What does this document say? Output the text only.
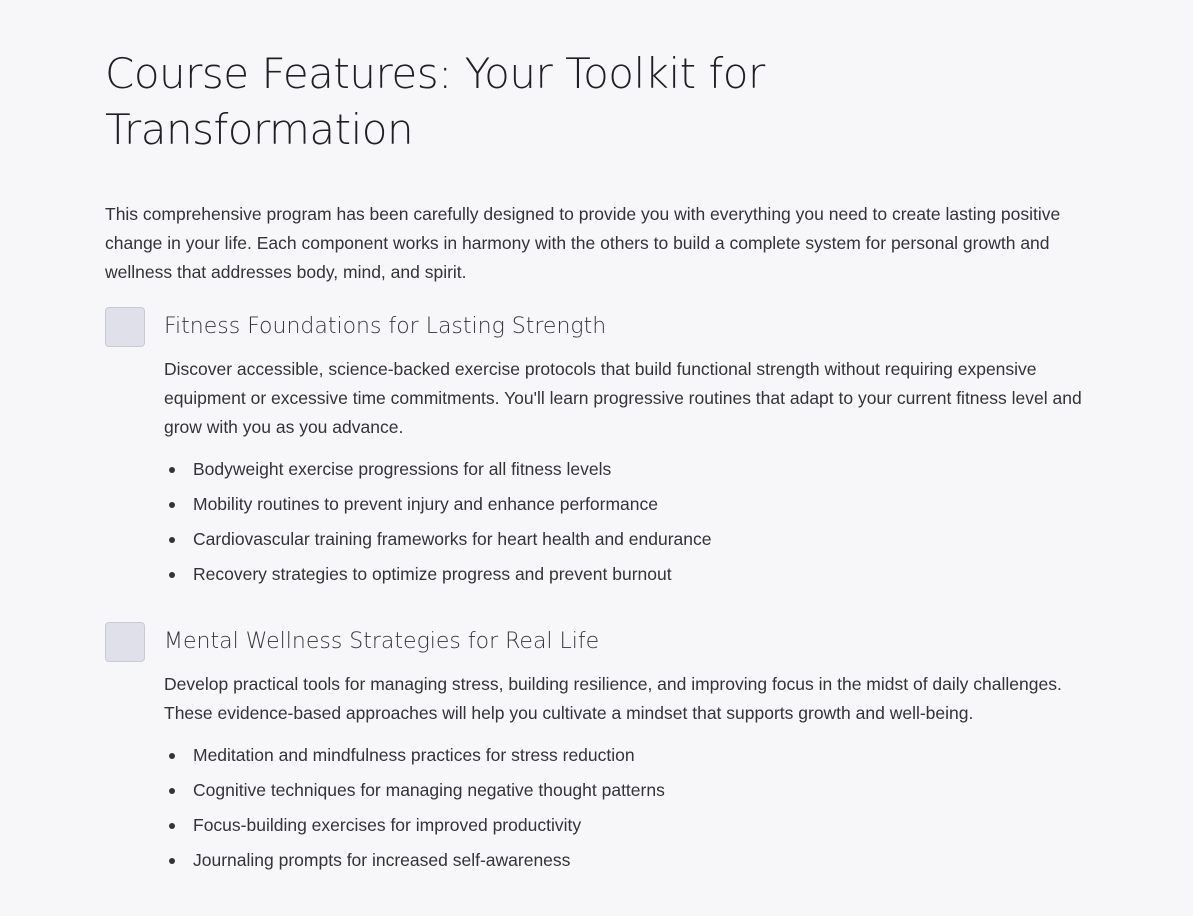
Course Features: Your Toolkit for Transformation

This comprehensive program has been carefully designed to provide you with everything you need to create lasting positive change in your life. Each component works in harmony with the others to build a complete system for personal growth and wellness that addresses body, mind, and spirit.

Fitness Foundations for Lasting Strength

Discover accessible, science-backed exercise protocols that build functional strength without requiring expensive equipment or excessive time commitments. You'll learn progressive routines that adapt to your current fitness level and grow with you as you advance.

Bodyweight exercise progressions for all fitness levels
Mobility routines to prevent injury and enhance performance
Cardiovascular training frameworks for heart health and endurance
Recovery strategies to optimize progress and prevent burnout
Mental Wellness Strategies for Real Life

Develop practical tools for managing stress, building resilience, and improving focus in the midst of daily challenges. These evidence-based approaches will help you cultivate a mindset that supports growth and well-being.

Meditation and mindfulness practices for stress reduction
Cognitive techniques for managing negative thought patterns
Focus-building exercises for improved productivity
Journaling prompts for increased self-awareness
